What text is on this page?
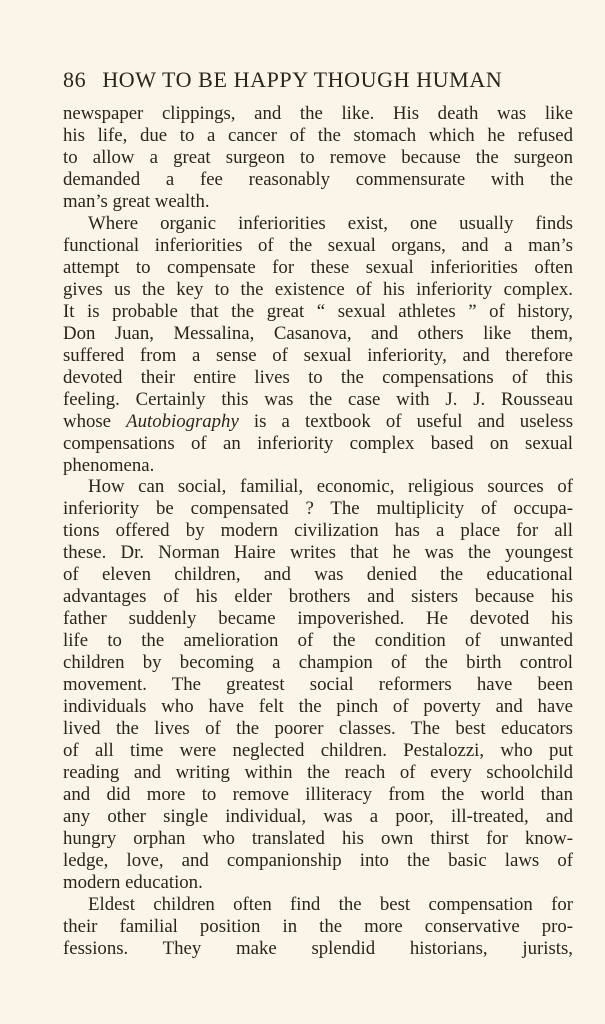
86 HOW TO BE HAPPY THOUGH HUMAN
newspaper clippings, and the like. His death was like
his life, due to a cancer of the stomach which he refused
to allow a great surgeon to remove because the surgeon
demanded a fee reasonably commensurate with the
man’s great wealth.
Where organic inferiorities exist, one usually finds
functional inferiorities of the sexual organs, and a man’s
attempt to compensate for these sexual inferiorities often
gives us the key to the existence of his inferiority complex.
It is probable that the great “ sexual athletes ” of history,
Don Juan, Messalina, Casanova, and others like them,
suffered from a sense of sexual inferiority, and therefore
devoted their entire lives to the compensations of this
feeling. Certainly this was the case with J. J. Rousseau
whose Autobiography is a textbook of useful and useless
compensations of an inferiority complex based on sexual
phenomena.
How can social, familial, economic, religious sources of
inferiority be compensated ? The multiplicity of occupa-
tions offered by modern civilization has a place for all
these. Dr. Norman Haire writes that he was the youngest
of eleven children, and was denied the educational
advantages of his elder brothers and sisters because his
father suddenly became impoverished. He devoted his
life to the amelioration of the condition of unwanted
children by becoming a champion of the birth control
movement. The greatest social reformers have been
individuals who have felt the pinch of poverty and have
lived the lives of the poorer classes. The best educators
of all time were neglected children. Pestalozzi, who put
reading and writing within the reach of every schoolchild
and did more to remove illiteracy from the world than
any other single individual, was a poor, ill-treated, and
hungry orphan who translated his own thirst for know-
ledge, love, and companionship into the basic laws of
modern education.
Eldest children often find the best compensation for
their familial position in the more conservative pro-
fessions. They make splendid historians, jurists,
